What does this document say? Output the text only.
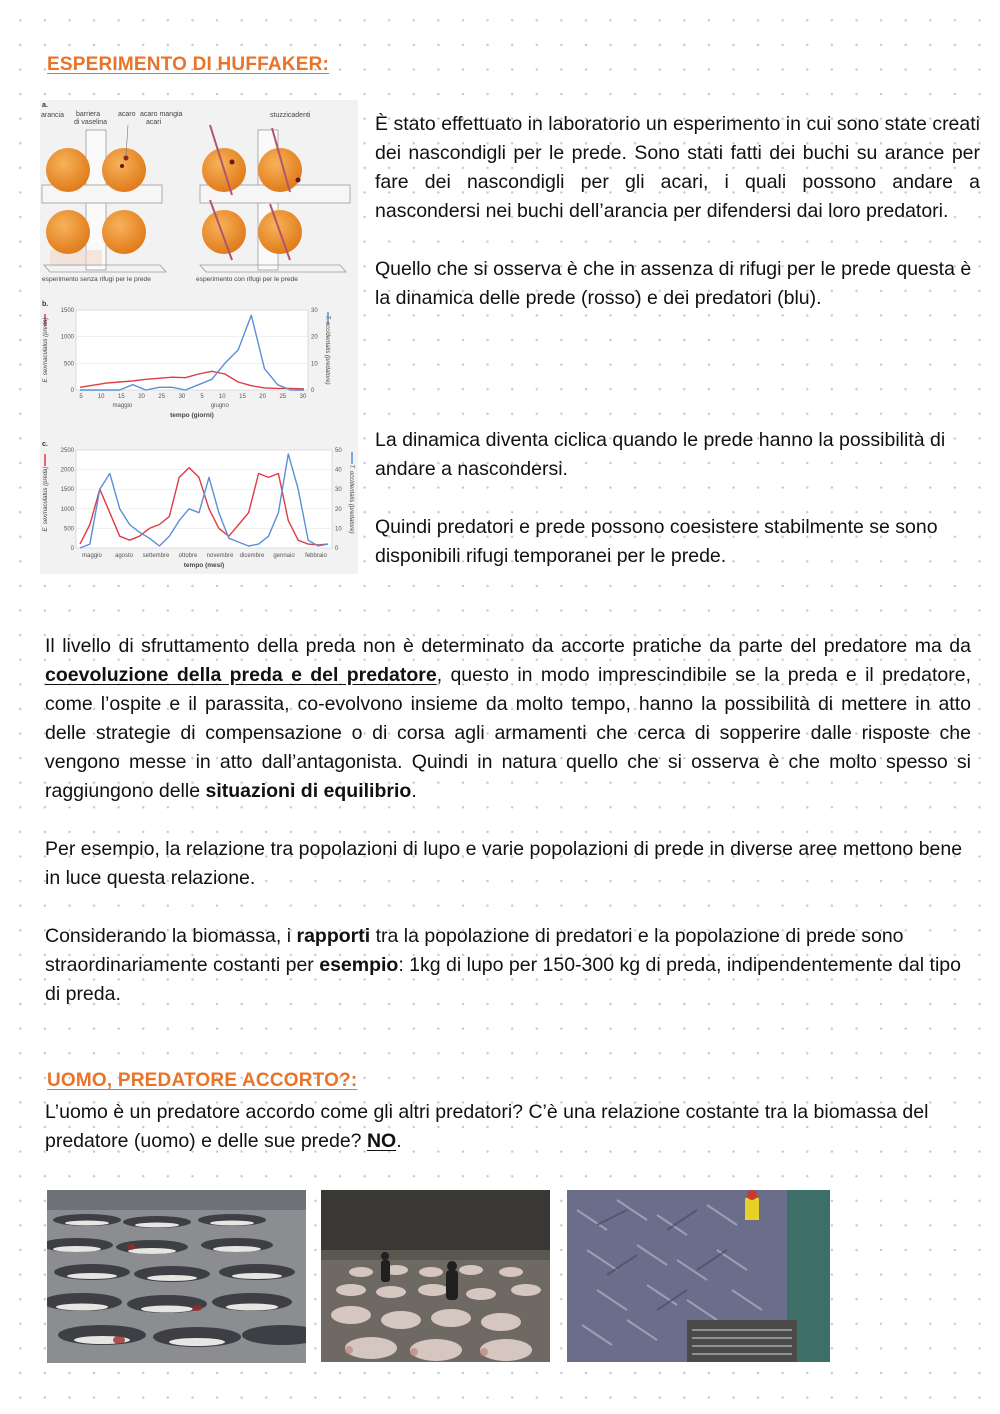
ESPERIMENTO DI HUFFAKER:
a.
arancia barriera
di vaselina
acaro acaro mangia
acari
stuzzicadenti
esperimento senza rifugi per le prede	esperimento con rifugi per le prede
b.
1500
1000
500
0
30
20
10
0
E. sexmaculatus (preda)	T. occidentalis (predatore)
5	10 15 20 25 30	5	10 15 20 25 30
maggio	giugno
tempo (giorni)
c.
2500
2000
1500
1000
500
0
50
40
30
20
10
0
E. sexmaculatus (preda)	T. occidentalis (predatore)
maggio agosto settembre ottobre novembre dicembre gennaio febbraio
tempo (mesi)

È stato effettuato in laboratorio un esperimento in cui sono state creati dei nascondigli per le prede. Sono stati fatti dei buchi su arance per fare dei nascondigli per gli acari, i quali possono andare a nascondersi nei buchi dell’arancia per difendersi dai loro predatori.

Quello che si osserva è che in assenza di rifugi per le prede questa è la dinamica delle prede (rosso) e dei predatori (blu).

La dinamica diventa ciclica quando le prede hanno la possibilità di andare a nascondersi.

Quindi predatori e prede possono coesistere stabilmente se sono disponibili rifugi temporanei per le prede.

Il livello di sfruttamento della preda non è determinato da accorte pratiche da parte del predatore ma da coevoluzione della preda e del predatore, questo in modo imprescindibile se la preda e il predatore, come l’ospite e il parassita, co-evolvono insieme da molto tempo, hanno la possibilità di mettere in atto delle strategie di compensazione o di corsa agli armamenti che cerca di sopperire dalle risposte che vengono messe in atto dall’antagonista. Quindi in natura quello che si osserva è che molto spesso si raggiungono delle situazioni di equilibrio.

Per esempio, la relazione tra popolazioni di lupo e varie popolazioni di prede in diverse aree mettono bene in luce questa relazione.

Considerando la biomassa, i rapporti tra la popolazione di predatori e la popolazione di prede sono straordinariamente costanti per esempio: 1kg di lupo per 150-300 kg di preda, indipendentemente dal tipo di preda.

UOMO, PREDATORE ACCORTO?:

L’uomo è un predatore accordo come gli altri predatori? C’è una relazione costante tra la biomassa del predatore (uomo) e delle sue prede? NO.
